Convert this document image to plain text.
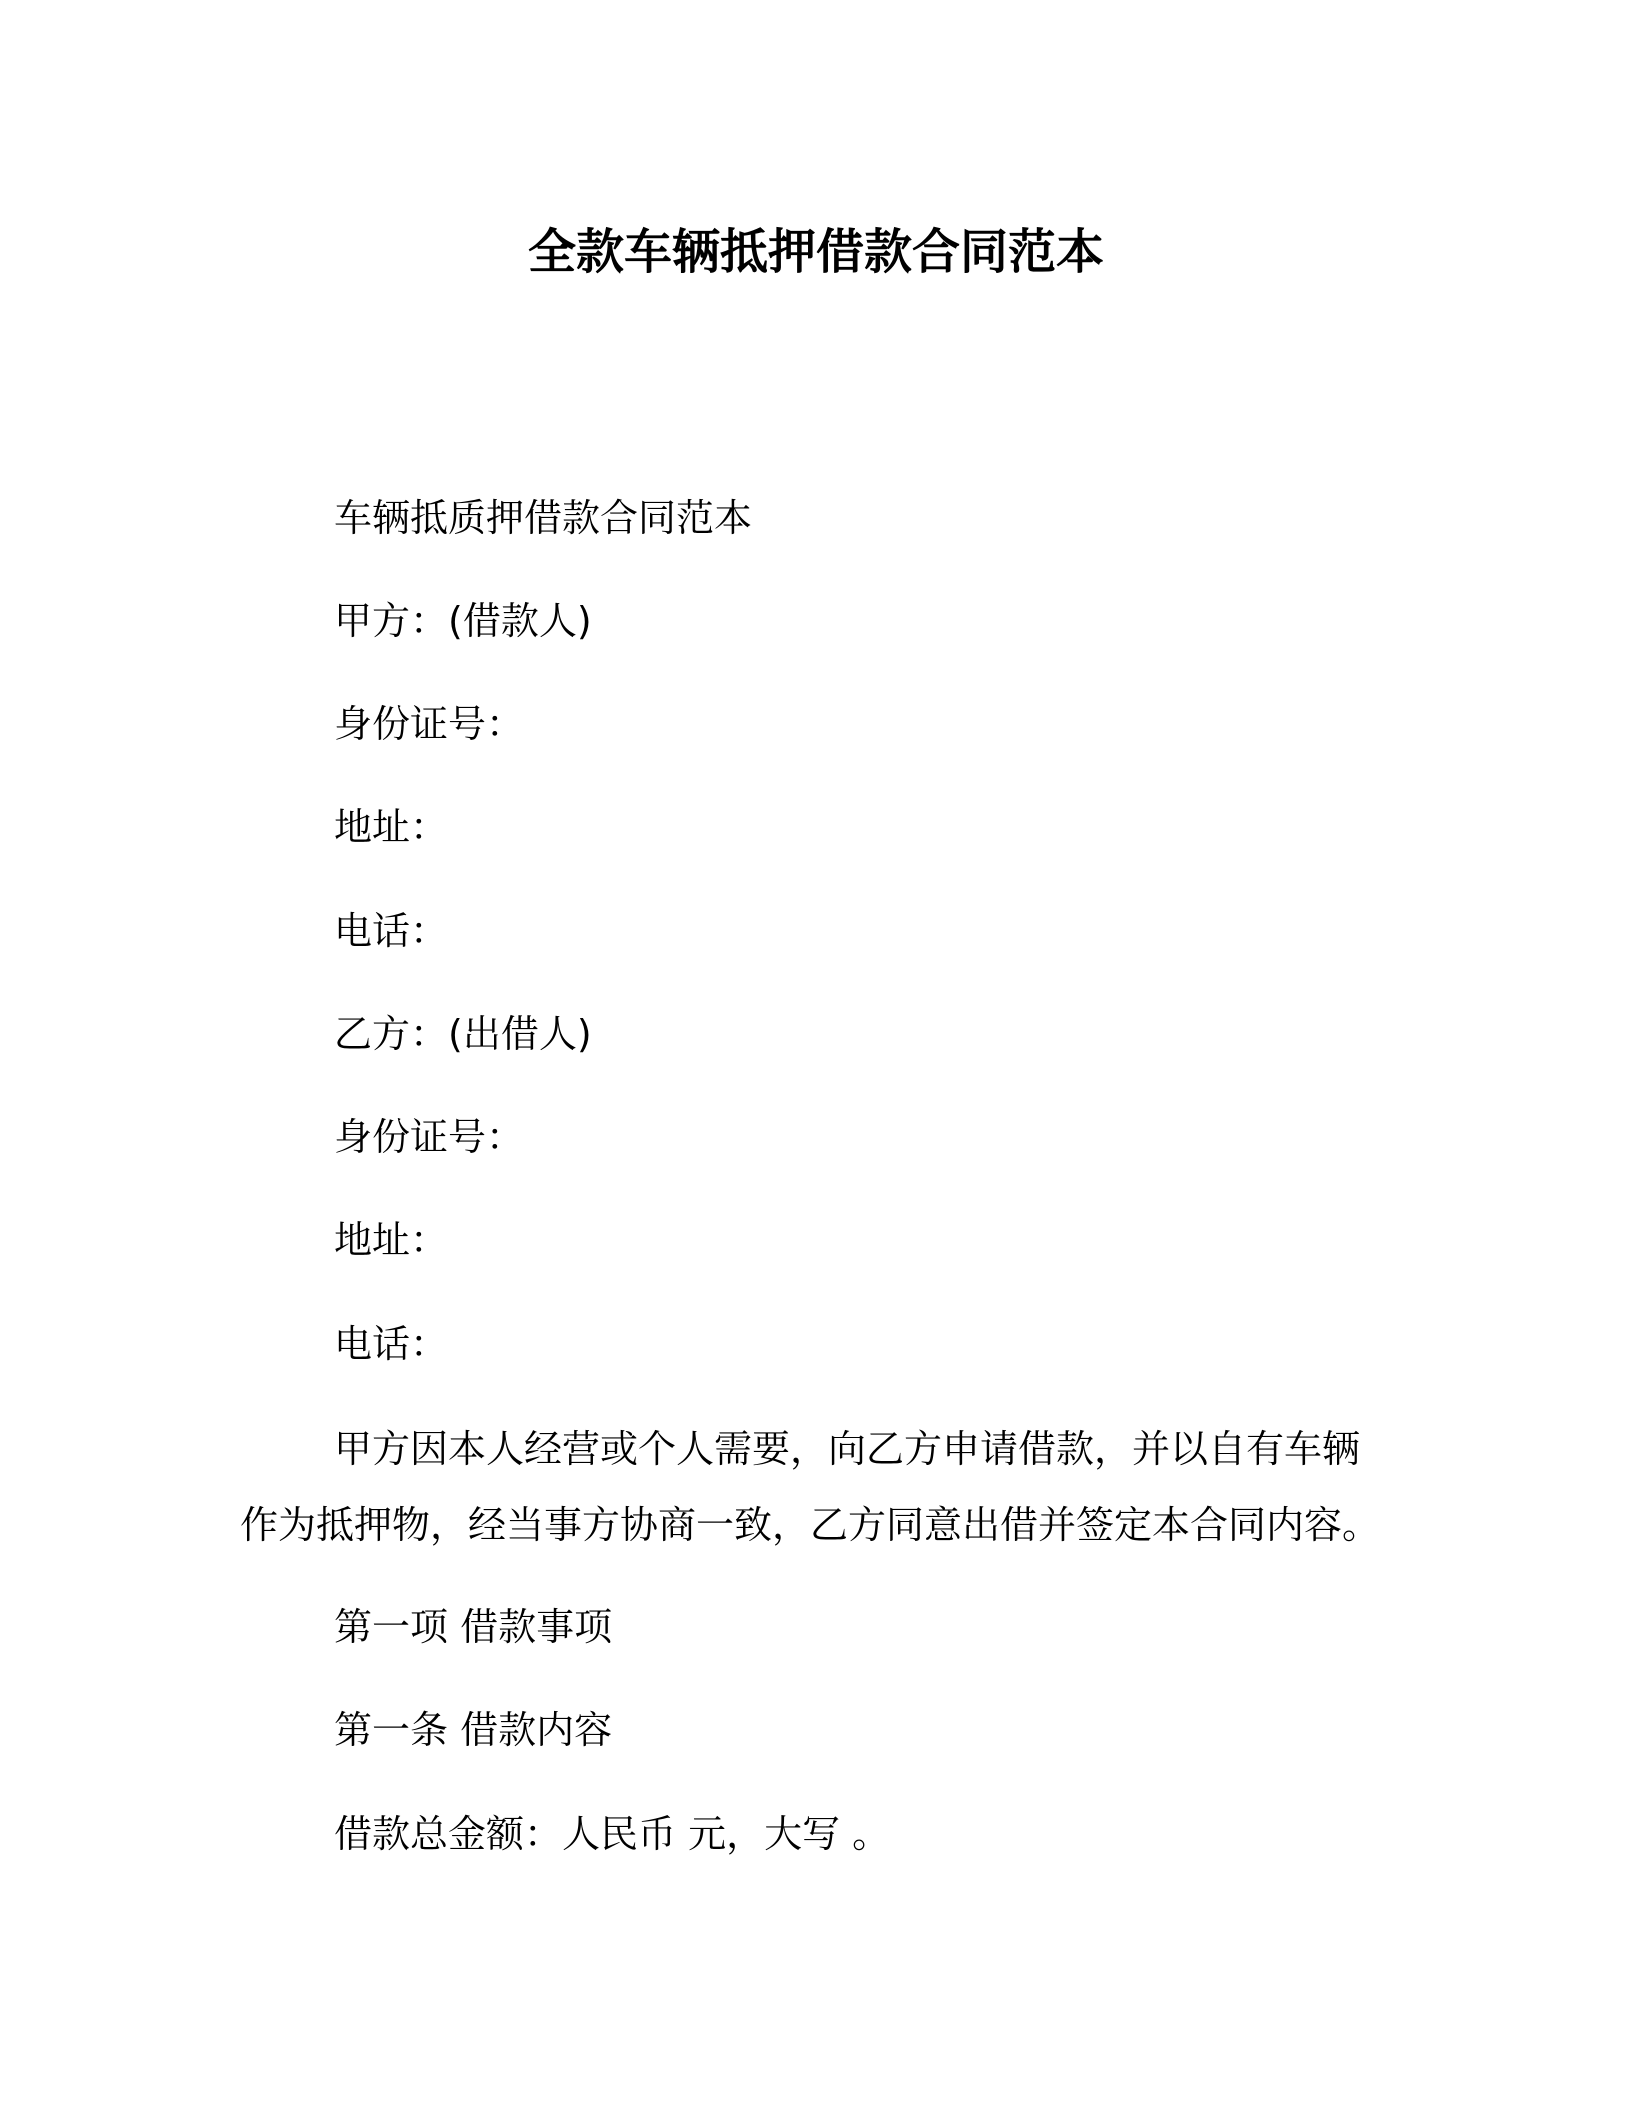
全款车辆抵押借款合同范本

车辆抵质押借款合同范本

甲方：(借款人)

身份证号：

地址：

电话：

乙方：(出借人)

身份证号：

地址：

电话：

甲方因本人经营或个人需要，向乙方申请借款，并以自有车辆作为抵押物，经当事方协商一致，乙方同意出借并签定本合同内容。

第一项 借款事项

第一条 借款内容

借款总金额：人民币 元，大写 。
